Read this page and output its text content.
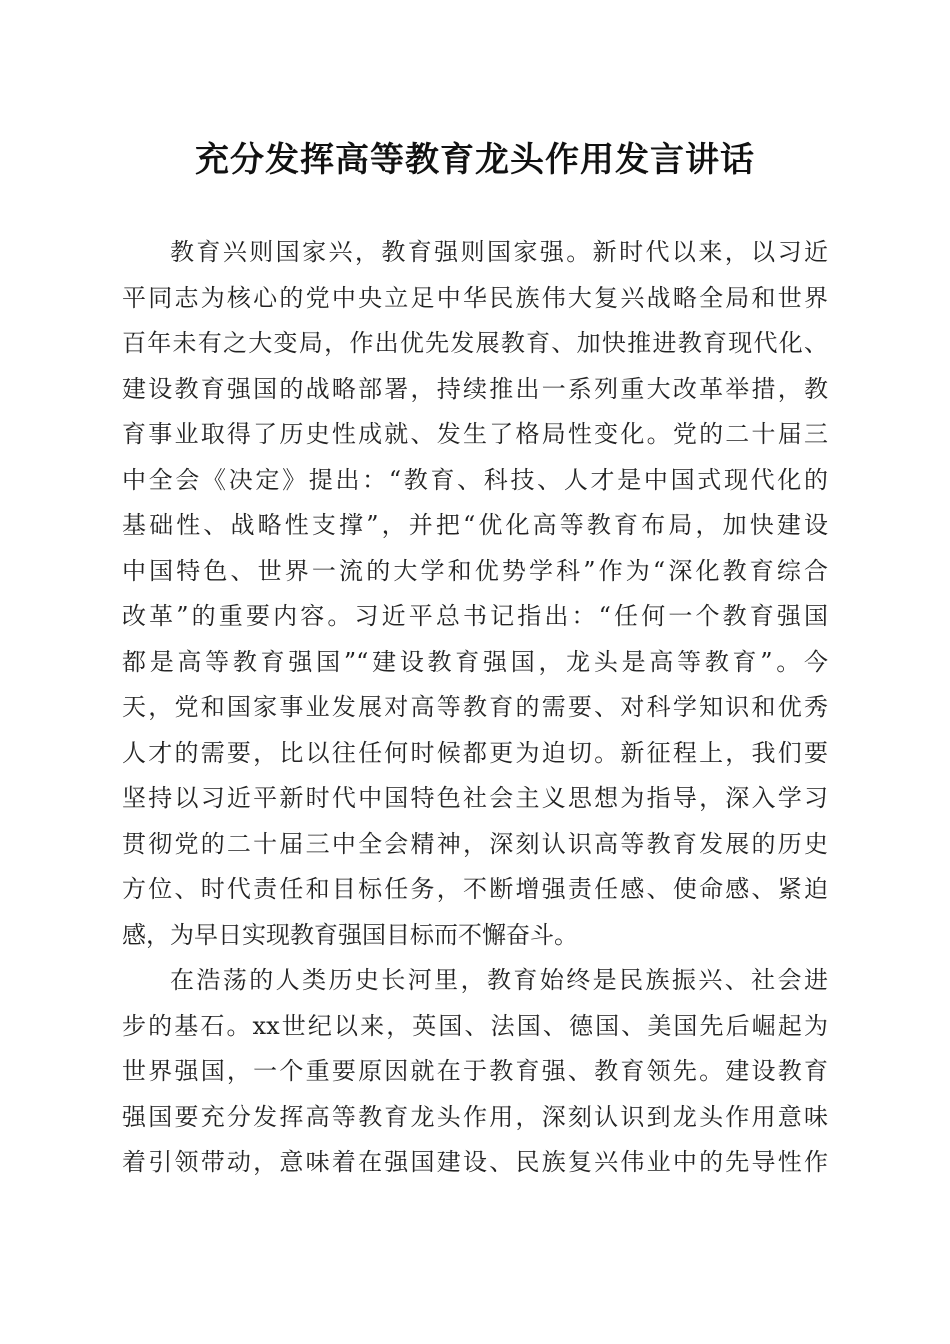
充分发挥高等教育龙头作用发言讲话
教育兴则国家兴，教育强则国家强。新时代以来，以习近
平同志为核心的党中央立足中华民族伟大复兴战略全局和世界
百年未有之大变局，作出优先发展教育、加快推进教育现代化、
建设教育强国的战略部署，持续推出一系列重大改革举措，教
育事业取得了历史性成就、发生了格局性变化。党的二十届三
中全会《决定》提出：“教育、科技、人才是中国式现代化的
基础性、战略性支撑”，并把“优化高等教育布局，加快建设
中国特色、世界一流的大学和优势学科”作为“深化教育综合
改革”的重要内容。习近平总书记指出：“任何一个教育强国
都是高等教育强国”“建设教育强国，龙头是高等教育”。今
天，党和国家事业发展对高等教育的需要、对科学知识和优秀
人才的需要，比以往任何时候都更为迫切。新征程上，我们要
坚持以习近平新时代中国特色社会主义思想为指导，深入学习
贯彻党的二十届三中全会精神，深刻认识高等教育发展的历史
方位、时代责任和目标任务，不断增强责任感、使命感、紧迫
感，为早日实现教育强国目标而不懈奋斗。
在浩荡的人类历史长河里，教育始终是民族振兴、社会进
步的基石。xx世纪以来，英国、法国、德国、美国先后崛起为
世界强国，一个重要原因就在于教育强、教育领先。建设教育
强国要充分发挥高等教育龙头作用，深刻认识到龙头作用意味
着引领带动，意味着在强国建设、民族复兴伟业中的先导性作
